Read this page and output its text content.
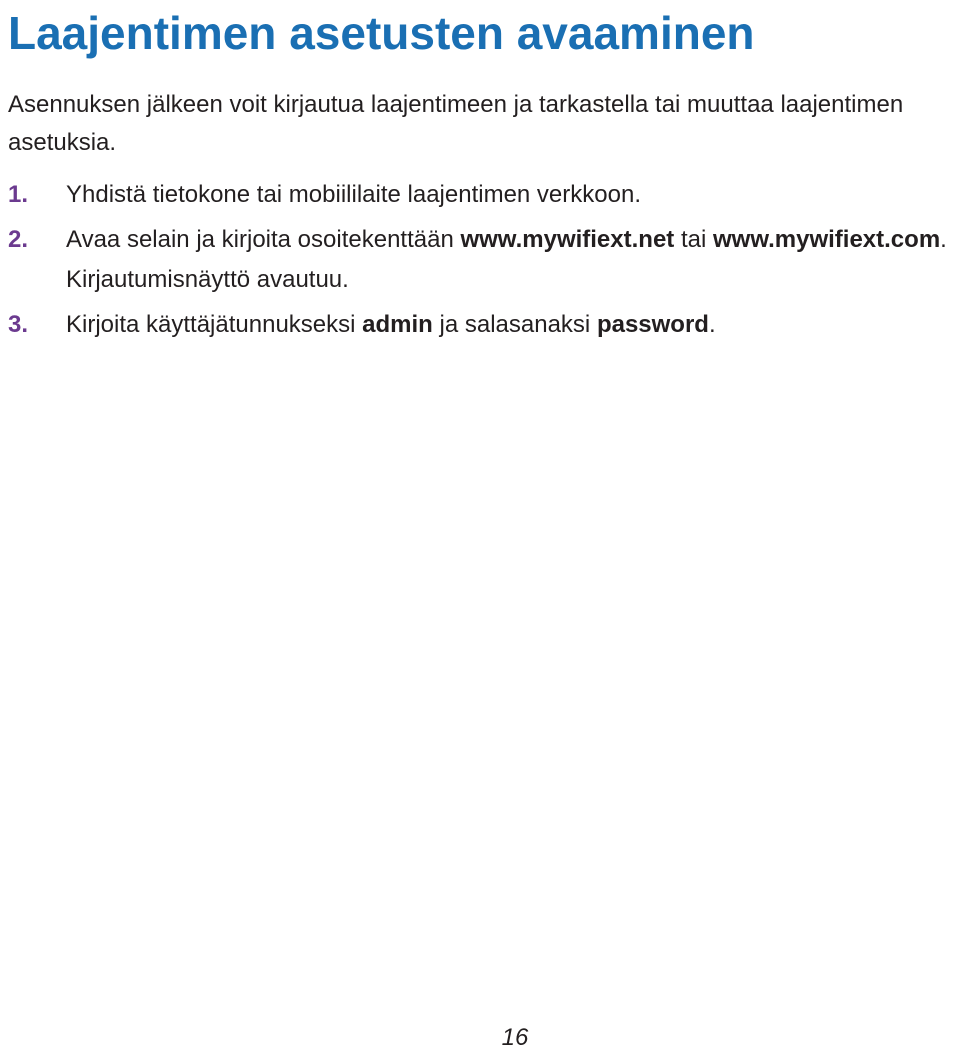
Laajentimen asetusten avaaminen

Asennuksen jälkeen voit kirjautua laajentimeen ja tarkastella tai muuttaa laajentimen asetuksia.

1. Yhdistä tietokone tai mobiililaite laajentimen verkkoon.
2. Avaa selain ja kirjoita osoitekenttään www.mywifiext.net tai www.mywifiext.com.
Kirjautumisnäyttö avautuu.
3. Kirjoita käyttäjätunnukseksi admin ja salasanaksi password.
16
